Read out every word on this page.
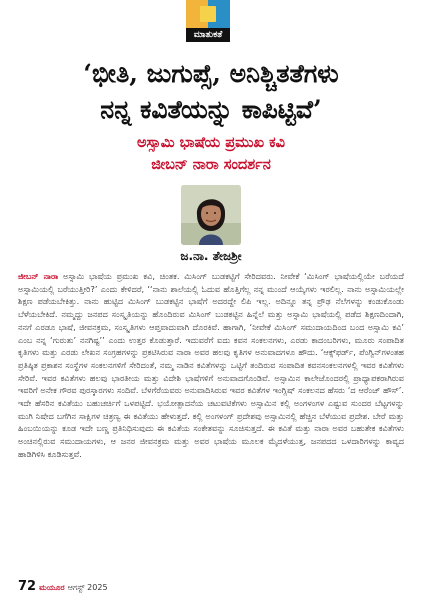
ಮಾತುಕತೆ
‘ಭೀತಿ, ಜುಗುಪ್ಸೆ, ಅನಿಶ್ಚಿತತೆಗಳು
ನನ್ನ ಕವಿತೆಯನ್ನು ಕಾಪಿಟ್ಟಿವೆ’
ಅಸ್ಸಾಮಿ ಭಾಷೆಯ ಪ್ರಮುಖ ಕವಿ
ಜೀಬನ್ ನಾರಾ ಸಂದರ್ಶನ
ಜ.ನಾ. ತೇಜಶ್ರೀ
ಜೀಬನ್ ನಾರಾ ಅಸ್ಸಾಮಿ ಭಾಷೆಯ ಪ್ರಮುಖ ಕವಿ, ಚಿಂತಕ. ಮಿಸಿಂಗ್ ಬುಡಕಟ್ಟಿಗೆ ಸೇರಿದವರು. ನೀವೇಕೆ ‘ಮಿಸಿಂಗ್ ಭಾಷೆಯಲ್ಲಿಯೇ ಬರೆಯದೆ ಅಸ್ಸಾಮಿಯಲ್ಲಿ ಬರೆಯುತ್ತೀರಿ?’ ಎಂದು ಕೇಳಿದರೆ, ‘‘ನಾನು ಶಾಲೆಯಲ್ಲಿ ಓದುವ ಹೊತ್ತಿಗೆಲ್ಲ ನನ್ನ ಮುಂದೆ ಆಯ್ಕೆಗಳು ಇರಲಿಲ್ಲ. ನಾನು ಅಸ್ಸಾಮಿಯಲ್ಲೇ ಶಿಕ್ಷಣ ಪಡೆಯಬೇಕಿತ್ತು. ನಾನು ಹುಟ್ಟಿದ ಮಿಸಿಂಗ್ ಬುಡಕಟ್ಟಿನ ಭಾಷೆಗೆ ಅದರದ್ದೇ ಲಿಪಿ ಇಲ್ಲ. ಅದಿನ್ನೂ ತನ್ನ ಪ್ರೌಢ ನೆಲೆಗಳನ್ನು ಕಂಡುಕೊಂಡು ಬೆಳೆಯಬೇಕಿದೆ. ನಮ್ಮದ್ದು ಜನಪದ ಸಂಸ್ಕೃತಿಯನ್ನು ಹೊಂದಿರುವ ಮಿಸಿಂಗ್ ಬುಡಕಟ್ಟಿನ ಹಿನ್ನೆಲೆ ಮತ್ತು ಅಸ್ಸಾಮಿ ಭಾಷೆಯಲ್ಲಿ ಪಡೆದ ಶಿಕ್ಷಣದಿಂದಾಗಿ, ನನಗೆ ಎರಡೂ ಭಾಷೆ, ಜೀವನಕ್ರಮ, ಸಂಸ್ಕೃತಿಗಳು ಆಪ್ತವಾದುವಾಗಿ ದೊರಕಿವೆ. ಹಾಗಾಗಿ, ‘ನೀವೇಕೆ ಮಿಸಿಂಗ್ ಸಮುದಾಯದಿಂದ ಬಂದ ಅಸ್ಸಾಮಿ ಕವಿ’ ಎಂಬ ನನ್ನ ‘ಗುರುತು’ ನನಗಿಷ್ಟ’’ ಎಂದು ಉತ್ತರ ಕೊಡುತ್ತಾರೆ. ಇದುವರೆಗೆ ಐದು ಕವನ ಸಂಕಲನಗಳು, ಎರಡು ಕಾದಂಬರಿಗಳು, ಮೂರು ಸಂಪಾದಿತ ಕೃತಿಗಳು ಮತ್ತು ಎರಡು ಲೇಖನ ಸಂಗ್ರಹಗಳನ್ನು ಪ್ರಕಟಿಸಿರುವ ನಾರಾ ಅವರ ಹಲವು ಕೃತಿಗಳ ಅನುವಾದಗಳೂ ಹೌದು. ‘ಆಕ್ಸ್‌ಫರ್ಡ್, ಪೆಂಗ್ವಿನ್‌ಗಳಂತಹ ಪ್ರತಿಷ್ಠಿತ ಪ್ರಕಾಶನ ಸಂಸ್ಥೆಗಳ ಸಂಕಲನಗಳಿಗೆ ಸೇರಿದಂತೆ, ನಮ್ಮ ನಾಡಿನ ಕವಿತೆಗಳನ್ನು ಒಟ್ಟಿಗೆ ತಂದಿರುವ ಸಂಪಾದಿತ ಕವನಸಂಕಲನಗಳಲ್ಲಿ ಇವರ ಕವಿತೆಗಳು ಸೇರಿವೆ. ಇವರ ಕವಿತೆಗಳು ಹಲವು ಭಾರತೀಯ ಮತ್ತು ವಿದೇಶಿ ಭಾಷೆಗಳಿಗೆ ಅನುವಾದಗೊಂಡಿವೆ. ಅಸ್ಸಾಮಿನ ಕಾಲೇಜೊಂದರಲ್ಲಿ ಪ್ರಾಧ್ಯಾಪಕರಾಗಿರುವ ಇವರಿಗೆ ಅನೇಕ ಗೌರವ ಪುರಸ್ಕಾರಗಳು ಸಂದಿವೆ. ಬೆಳಗೆರೆಯವರು ಅನುವಾದಿಸಿರುವ ಇವರ ಕವಿತೆಗಳ ಇಂಗ್ಲಿಷ್ ಸಂಕಲನದ ಹೆಸರು ‘ದ ಆರೆಂಜ್ ಹೌಸ್’. ಇದೇ ಹೆಸರಿನ ಕವಿತೆಯು ಬಹುಚರ್ಚಿಗೆ ಒಳಪಟ್ಟಿದೆ. ಭಯೋತ್ಪಾದನೆಯ ಚಟುವಟಿಕೆಗಳು ಅಸ್ಸಾಮಿನ ಕಲ್ಲಿ ಅಂಗಳಂಗಳ ಎಷ್ಟುವ ಸುಂದರ ಬೆಟ್ಟಗಳನ್ನು ಮುಗಿ ನಿಷೇದ ಬಗೆಗಿನ ಸಾಕ್ಷಿಗಳ ಚಿತ್ರಣ್ವ ಈ ಕವಿತೆಯು ಹೇಳುತ್ತದೆ. ಕಲ್ಲಿ ಅಂಗಳಂಗ್ ಪ್ರದೇಶವು ಅಸ್ಸಾಮಿನಲ್ಲಿ ಹೆಚ್ಚಿನ ಬೆಳೆಯುವ ಪ್ರದೇಶ. ಬೇರೆ ಮತ್ತು ಹಿಂಬಯಿಯನ್ನು ಕೂಡ ಇದೇ ಬಣ್ಣ ಪ್ರತಿನಿಧಿಸುವುದು ಈ ಕವಿತೆಯ ಸಂಕೇತವನ್ನು ಸೂಚಿಸುತ್ತದೆ. ಈ ಕವಿತೆ ಮತ್ತು ನಾರಾ ಅವರ ಬಹುತೇಕ ಕವಿತೆಗಳು ಅಂಚಿನಲ್ಲಿರುವ ಸಮುದಾಯಗಳು, ಆ ಜನರ ಜೀವನಕ್ರಮ ಮತ್ತು ಅವರ ಭಾಷೆಯ ಮೂಲಕ ಮೈದಳೆಯುತ್ತ, ಜನಪದದ ಒಳದಾರಿಗಳನ್ನು ಕಾವ್ಯದ ಹಾಡಿಗಿಳಿಸಿ ಕೂಡಿಸುತ್ತವೆ.
72 ಮಯೂರ ಆಗಸ್ಟ್ 2025
